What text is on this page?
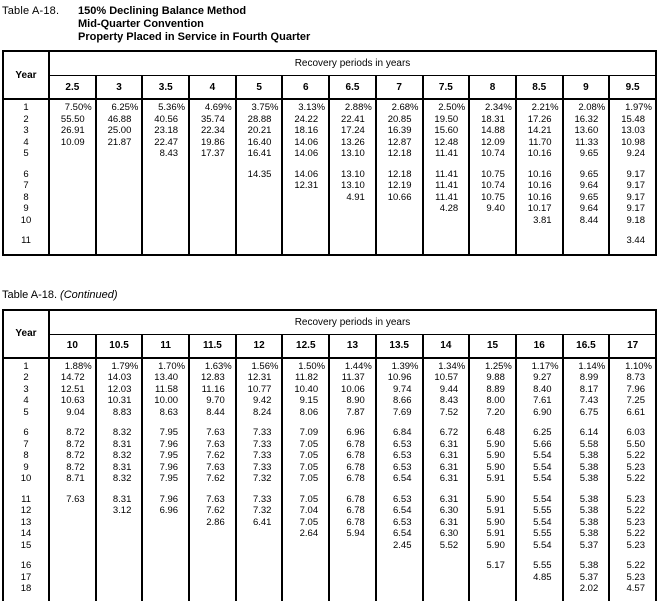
Table A-18.	150% Declining Balance Method
Mid-Quarter Convention
Property Placed in Service in Fourth Quarter
Year	Recovery periods in years												
	2.5	3	3.5	4	5	6	6.5	7	7.5	8	8.5	9	9.5
1	7.50%	6.25%	5.36%	4.69%	3.75%	3.13%	2.88%	2.68%	2.50%	2.34%	2.21%	2.08%	1.97%
2	55.50	46.88	40.56	35.74	28.88	24.22	22.41	20.85	19.50	18.31	17.26	16.32	15.48
3	26.91	25.00	23.18	22.34	20.21	18.16	17.24	16.39	15.60	14.88	14.21	13.60	13.03
4	10.09	21.87	22.47	19.86	16.40	14.06	13.26	12.87	12.48	12.09	11.70	11.33	10.98
5			8.43	17.37	16.41	14.06	13.10	12.18	11.41	10.74	10.16	9.65	9.24

6					14.35	14.06	13.10	12.18	11.41	10.75	10.16	9.65	9.17
7						12.31	13.10	12.19	11.41	10.74	10.16	9.64	9.17
8							4.91	10.66	11.41	10.75	10.16	9.65	9.17
9									4.28	9.40	10.17	9.64	9.17
10											3.81	8.44	9.18

11													3.44
Table A-18. (Continued)
Year	Recovery periods in years												
	10	10.5	11	11.5	12	12.5	13	13.5	14	15	16	16.5	17
1	1.88%	1.79%	1.70%	1.63%	1.56%	1.50%	1.44%	1.39%	1.34%	1.25%	1.17%	1.14%	1.10%
2	14.72	14.03	13.40	12.83	12.31	11.82	11.37	10.96	10.57	9.88	9.27	8.99	8.73
3	12.51	12.03	11.58	11.16	10.77	10.40	10.06	9.74	9.44	8.89	8.40	8.17	7.96
4	10.63	10.31	10.00	9.70	9.42	9.15	8.90	8.66	8.43	8.00	7.61	7.43	7.25
5	9.04	8.83	8.63	8.44	8.24	8.06	7.87	7.69	7.52	7.20	6.90	6.75	6.61

6	8.72	8.32	7.95	7.63	7.33	7.09	6.96	6.84	6.72	6.48	6.25	6.14	6.03
7	8.72	8.31	7.96	7.63	7.33	7.05	6.78	6.53	6.31	5.90	5.66	5.58	5.50
8	8.72	8.32	7.95	7.62	7.33	7.05	6.78	6.53	6.31	5.90	5.54	5.38	5.22
9	8.72	8.31	7.96	7.63	7.33	7.05	6.78	6.53	6.31	5.90	5.54	5.38	5.23
10	8.71	8.32	7.95	7.62	7.32	7.05	6.78	6.54	6.31	5.91	5.54	5.38	5.22

11	7.63	8.31	7.96	7.63	7.33	7.05	6.78	6.53	6.31	5.90	5.54	5.38	5.23
12		3.12	6.96	7.62	7.32	7.04	6.78	6.54	6.30	5.91	5.55	5.38	5.22
13				2.86	6.41	7.05	6.78	6.53	6.31	5.90	5.54	5.38	5.23
14						2.64	5.94	6.54	6.30	5.91	5.55	5.38	5.22
15								2.45	5.52	5.90	5.54	5.37	5.23

16										5.17	5.55	5.38	5.22
17											4.85	5.37	5.23
18												2.02	4.57
